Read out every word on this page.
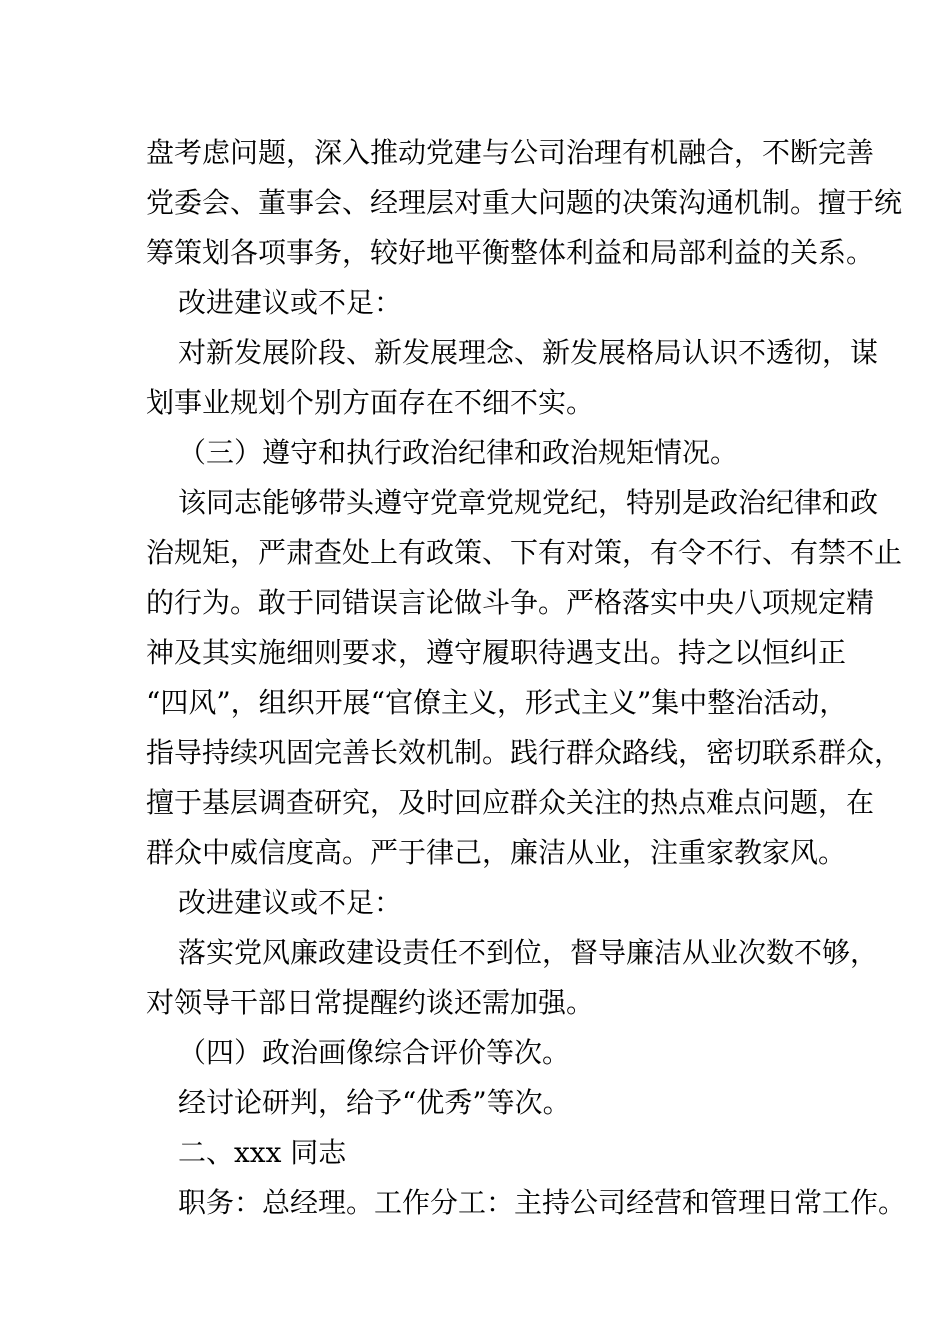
盘考虑问题，深入推动党建与公司治理有机融合，不断完善
党委会、董事会、经理层对重大问题的决策沟通机制。擅于统
筹策划各项事务，较好地平衡整体利益和局部利益的关系。
改进建议或不足：
对新发展阶段、新发展理念、新发展格局认识不透彻，谋
划事业规划个别方面存在不细不实。
（三）遵守和执行政治纪律和政治规矩情况。
该同志能够带头遵守党章党规党纪，特别是政治纪律和政
治规矩，严肃查处上有政策、下有对策，有令不行、有禁不止
的行为。敢于同错误言论做斗争。严格落实中央八项规定精
神及其实施细则要求，遵守履职待遇支出。持之以恒纠正
“四风”，组织开展“官僚主义，形式主义”集中整治活动，
指导持续巩固完善长效机制。践行群众路线，密切联系群众，
擅于基层调查研究，及时回应群众关注的热点难点问题，在
群众中威信度高。严于律己，廉洁从业，注重家教家风。
改进建议或不足：
落实党风廉政建设责任不到位，督导廉洁从业次数不够，
对领导干部日常提醒约谈还需加强。
（四）政治画像综合评价等次。
经讨论研判，给予“优秀”等次。
二、xxx 同志
职务：总经理。工作分工：主持公司经营和管理日常工作。
